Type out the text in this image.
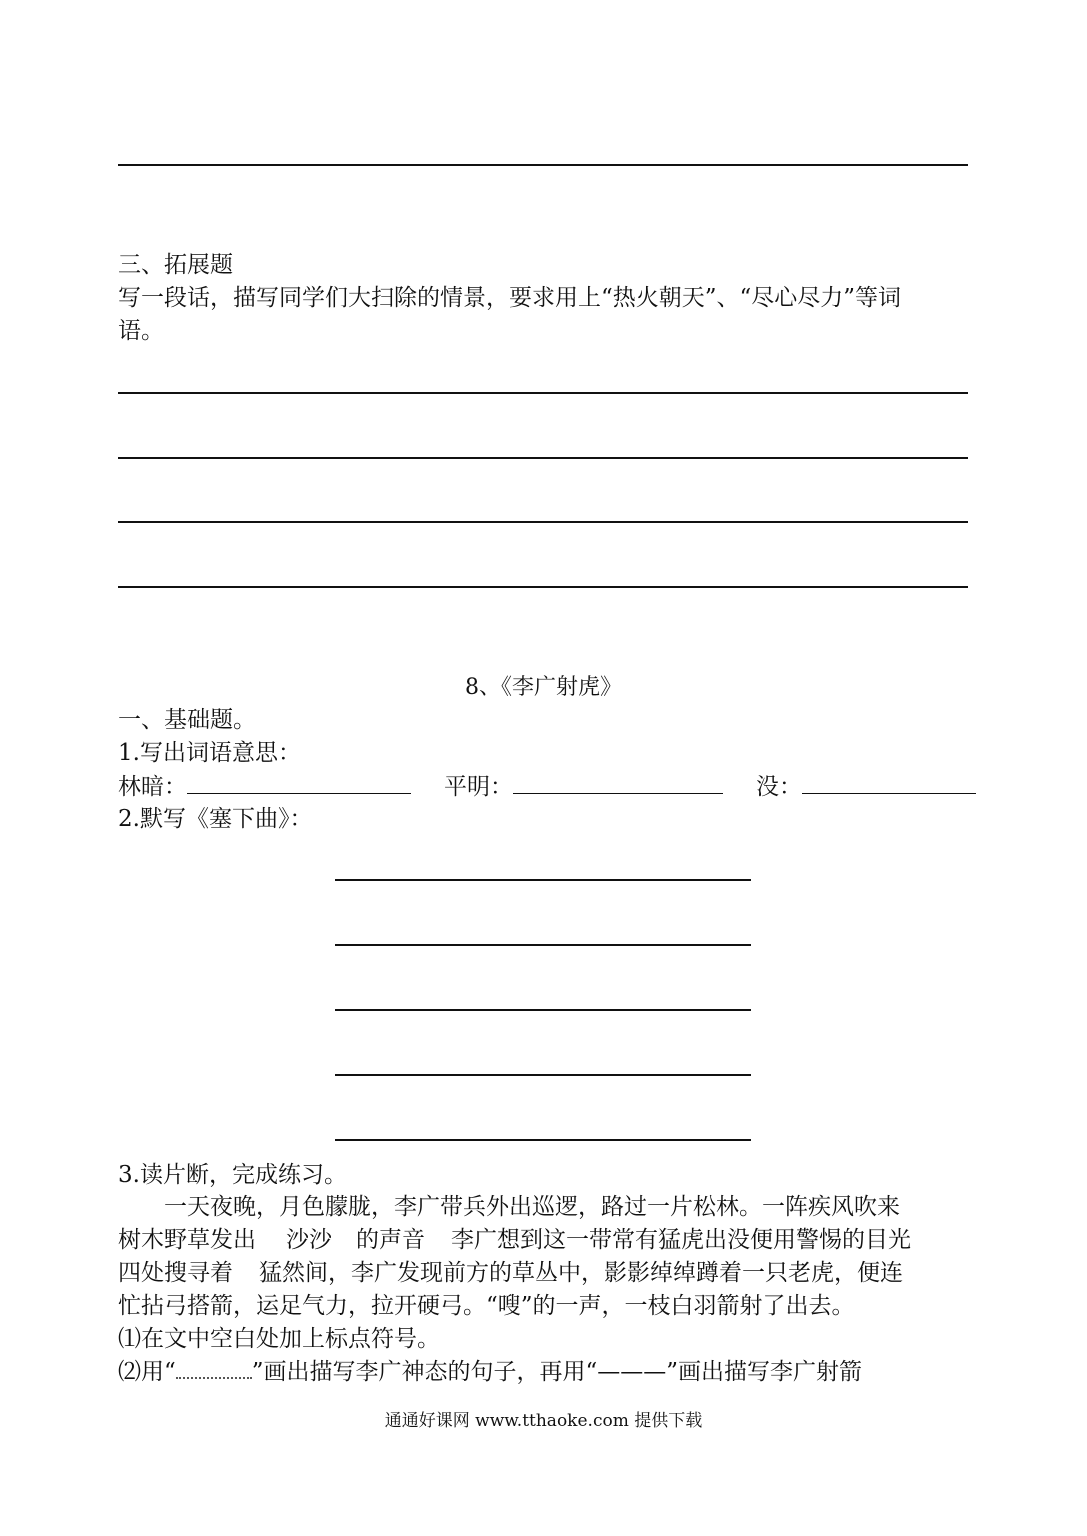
三、拓展题
写一段话，描写同学们大扫除的情景，要求用上“热火朝天”、“尽心尽力”等词
语。
8、《李广射虎》
一、基础题。
1.写出词语意思：
林暗：	平明：	没：
2.默写《塞下曲》：
3.读片断，完成练习。
一天夜晚，月色朦胧，李广带兵外出巡逻，路过一片松林。一阵疾风吹来
树木野草发出 沙沙 的声音 李广想到这一带常有猛虎出没便用警惕的目光
四处搜寻着 猛然间，李广发现前方的草丛中，影影绰绰蹲着一只老虎，便连
忙拈弓搭箭，运足气力，拉开硬弓。“嗖”的一声，一枝白羽箭射了出去。
⑴在文中空白处加上标点符号。
⑵用“	”画出描写李广神态的句子，再用“———”画出描写李广射箭
通通好课网 www.tthaoke.com 提供下载
